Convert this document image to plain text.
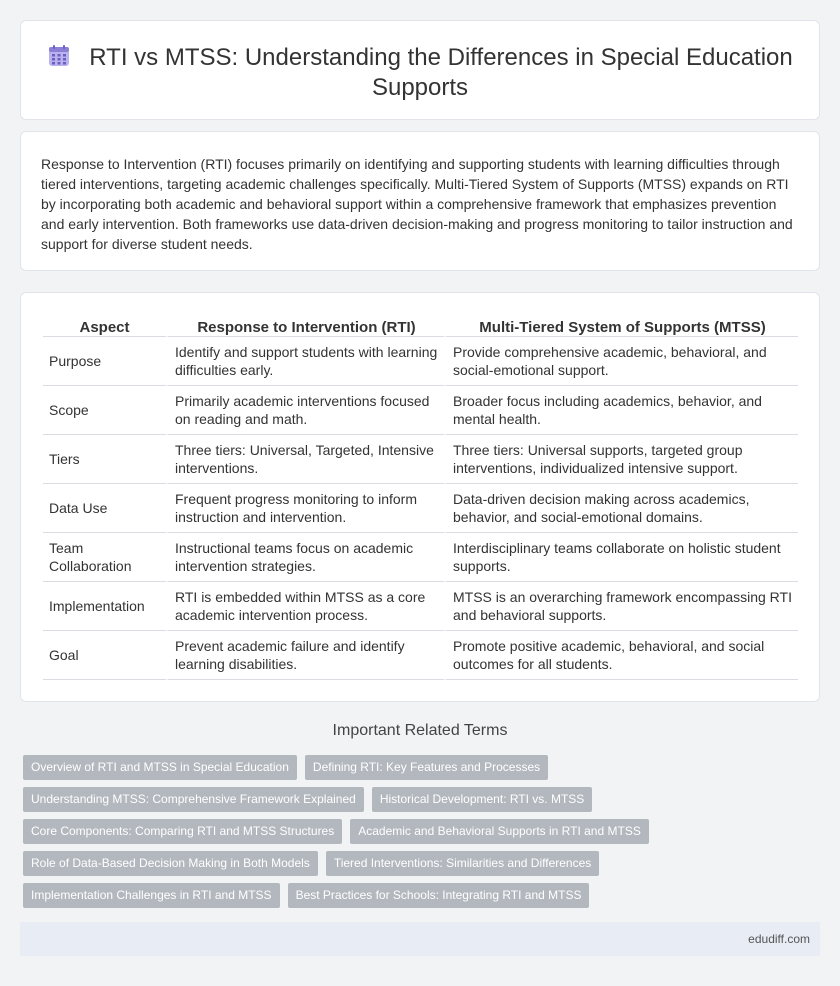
RTI vs MTSS: Understanding the Differences in Special Education Supports

Response to Intervention (RTI) focuses primarily on identifying and supporting students with learning difficulties through tiered interventions, targeting academic challenges specifically. Multi-Tiered System of Supports (MTSS) expands on RTI by incorporating both academic and behavioral support within a comprehensive framework that emphasizes prevention and early intervention. Both frameworks use data-driven decision-making and progress monitoring to tailor instruction and support for diverse student needs.

Aspect	Response to Intervention (RTI)	Multi-Tiered System of Supports (MTSS)
Purpose	Identify and support students with learning difficulties early.	Provide comprehensive academic, behavioral, and social-emotional support.
Scope	Primarily academic interventions focused on reading and math.	Broader focus including academics, behavior, and mental health.
Tiers	Three tiers: Universal, Targeted, Intensive interventions.	Three tiers: Universal supports, targeted group interventions, individualized intensive support.
Data Use	Frequent progress monitoring to inform instruction and intervention.	Data-driven decision making across academics, behavior, and social-emotional domains.
Team Collaboration	Instructional teams focus on academic intervention strategies.	Interdisciplinary teams collaborate on holistic student supports.
Implementation	RTI is embedded within MTSS as a core academic intervention process.	MTSS is an overarching framework encompassing RTI and behavioral supports.
Goal	Prevent academic failure and identify learning disabilities.	Promote positive academic, behavioral, and social outcomes for all students.
Important Related Terms
Overview of RTI and MTSS in Special Education	Defining RTI: Key Features and Processes
Understanding MTSS: Comprehensive Framework Explained	Historical Development: RTI vs. MTSS
Core Components: Comparing RTI and MTSS Structures	Academic and Behavioral Supports in RTI and MTSS
Role of Data-Based Decision Making in Both Models	Tiered Interventions: Similarities and Differences
Implementation Challenges in RTI and MTSS	Best Practices for Schools: Integrating RTI and MTSS
edudiff.com
